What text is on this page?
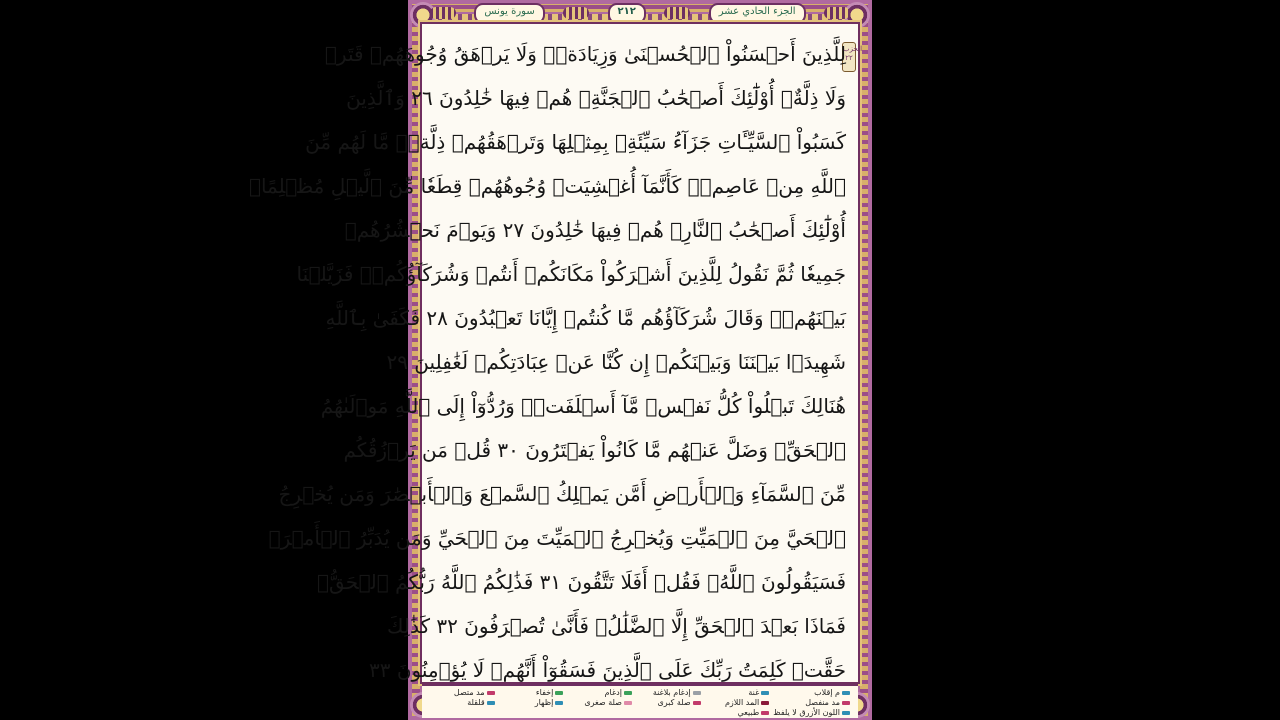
سورة يونس	٢١٢	الجزء الحادي عشر
الحزب ٢٢
لِلَّذِينَ أَحۡسَنُواْ ٱلۡحُسۡنَىٰ وَزِيَادَةٞۖ وَلَا يَرۡهَقُ وُجُوهَهُمۡ قَتَرٞ
وَلَا ذِلَّةٌۚ أُوْلَٰٓئِكَ أَصۡحَٰبُ ٱلۡجَنَّةِۖ هُمۡ فِيهَا خَٰلِدُونَ ٢٦ وَٱلَّذِينَ
كَسَبُواْ ٱلسَّيِّـَٔاتِ جَزَآءُ سَيِّئَةِۭ بِمِثۡلِهَا وَتَرۡهَقُهُمۡ ذِلَّةٞۖ مَّا لَهُم مِّنَ
ٱللَّهِ مِنۡ عَاصِمٖۖ كَأَنَّمَآ أُغۡشِيَتۡ وُجُوهُهُمۡ قِطَعٗا مِّنَ ٱلَّيۡلِ مُظۡلِمًاۚ
أُوْلَٰٓئِكَ أَصۡحَٰبُ ٱلنَّارِۖ هُمۡ فِيهَا خَٰلِدُونَ ٢٧ وَيَوۡمَ نَحۡشُرُهُمۡ
جَمِيعٗا ثُمَّ نَقُولُ لِلَّذِينَ أَشۡرَكُواْ مَكَانَكُمۡ أَنتُمۡ وَشُرَكَآؤُكُمۡۚ فَزَيَّلۡنَا
بَيۡنَهُمۡۖ وَقَالَ شُرَكَآؤُهُم مَّا كُنتُمۡ إِيَّانَا تَعۡبُدُونَ ٢٨ فَكَفَىٰ بِٱللَّهِ
شَهِيدَۢا بَيۡنَنَا وَبَيۡنَكُمۡ إِن كُنَّا عَنۡ عِبَادَتِكُمۡ لَغَٰفِلِينَ ٢٩
هُنَالِكَ تَبۡلُواْ كُلُّ نَفۡسٖ مَّآ أَسۡلَفَتۡۚ وَرُدُّوٓاْ إِلَى ٱللَّهِ مَوۡلَىٰهُمُ
ٱلۡحَقِّۖ وَضَلَّ عَنۡهُم مَّا كَانُواْ يَفۡتَرُونَ ٣٠ قُلۡ مَن يَرۡزُقُكُم
مِّنَ ٱلسَّمَآءِ وَٱلۡأَرۡضِ أَمَّن يَمۡلِكُ ٱلسَّمۡعَ وَٱلۡأَبۡصَٰرَ وَمَن يُخۡرِجُ
ٱلۡحَيَّ مِنَ ٱلۡمَيِّتِ وَيُخۡرِجُ ٱلۡمَيِّتَ مِنَ ٱلۡحَيِّ وَمَن يُدَبِّرُ ٱلۡأَمۡرَۚ
فَسَيَقُولُونَ ٱللَّهُۚ فَقُلۡ أَفَلَا تَتَّقُونَ ٣١ فَذَٰلِكُمُ ٱللَّهُ رَبُّكُمُ ٱلۡحَقُّۖ
فَمَاذَا بَعۡدَ ٱلۡحَقِّ إِلَّا ٱلضَّلَٰلُۖ فَأَنَّىٰ تُصۡرَفُونَ ٣٢ كَذَٰلِكَ
حَقَّتۡ كَلِمَتُ رَبِّكَ عَلَى ٱلَّذِينَ فَسَقُوٓاْ أَنَّهُمۡ لَا يُؤۡمِنُونَ ٣٣
م إقلاب
غنة
إدغام بلاغنة
إدغام
إخفاء
مد متصل
مد منفصل
المد اللازم
صلة كبرى
صلة صغرى
إظهار
قلقلة
اللون الأزرق لا يلفظ
طبيعي
